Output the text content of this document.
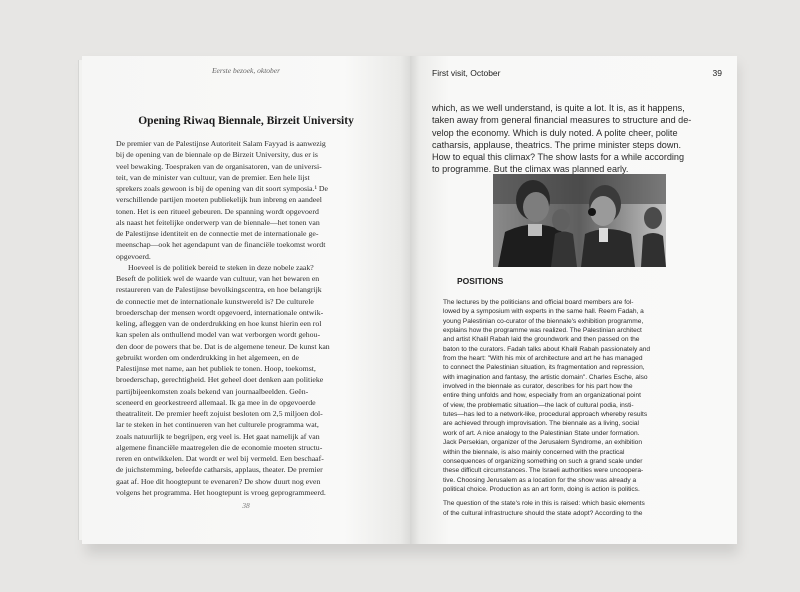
Eerste bezoek, oktober
Opening Riwaq Biennale, Birzeit University
De premier van de Palestijnse Autoriteit Salam Fayyad is aanwezig
bij de opening van de biennale op de Birzeit University, dus er is
veel bewaking. Toespraken van de organisatoren, van de universi-
teit, van de minister van cultuur, van de premier. Een hele lijst
sprekers zoals gewoon is bij de opening van dit soort symposia.¹ De
verschillende partijen moeten publiekelijk hun inbreng en aandeel
tonen. Het is een ritueel gebeuren. De spanning wordt opgevoerd
als naast het feitelijke onderwerp van de biennale—het tonen van
de Palestijnse identiteit en de connectie met de internationale ge-
meenschap—ook het agendapunt van de financiële toekomst wordt
opgevoerd.
Hoeveel is de politiek bereid te steken in deze nobele zaak?
Beseft de politiek wel de waarde van cultuur, van het bewaren en
restaureren van de Palestijnse bevolkingscentra, en hoe belangrijk
de connectie met de internationale kunstwereld is? De culturele
broederschap der mensen wordt opgevoerd, internationale ontwik-
keling, afleggen van de onderdrukking en hoe kunst hierin een rol
kan spelen als onthullend model van wat verborgen wordt gehou-
den door de powers that be. Dat is de algemene teneur. De kunst kan
gebruikt worden om onderdrukking in het algemeen, en de
Palestijnse met name, aan het publiek te tonen. Hoop, toekomst,
broederschap, gerechtigheid. Het geheel doet denken aan politieke
partijbijeenkomsten zoals bekend van journaalbeelden. Geën-
sceneerd en georkestreerd allemaal. Ik ga mee in de opgevoerde
theatraliteit. De premier heeft zojuist besloten om 2,5 miljoen dol-
lar te steken in het continueren van het culturele programma wat,
zoals natuurlijk te begrijpen, erg veel is. Het gaat namelijk af van
algemene financiële maatregelen die de economie moeten structu-
reren en ontwikkelen. Dat wordt er wel bij vermeld. Een beschaaf-
de juichstemming, beleefde catharsis, applaus, theater. De premier
gaat af. Hoe dit hoogtepunt te evenaren? De show duurt nog even
volgens het programma. Het hoogtepunt is vroeg geprogrammeerd.
38
First visit, October	39
which, as we well understand, is quite a lot. It is, as it happens,
taken away from general financial measures to structure and de-
velop the economy. Which is duly noted. A polite cheer, polite
catharsis, applause, theatrics. The prime minister steps down.
How to equal this climax? The show lasts for a while according
to programme. But the climax was planned early.
POSITIONS
The lectures by the politicians and official board members are fol-
lowed by a symposium with experts in the same hall. Reem Fadah, a
young Palestinian co-curator of the biennale's exhibition programme,
explains how the programme was realized. The Palestinian architect
and artist Khalil Rabah laid the groundwork and then passed on the
baton to the curators. Fadah talks about Khalil Rabah passionately and
from the heart: "With his mix of architecture and art he has managed
to connect the Palestinian situation, its fragmentation and repression,
with imagination and fantasy, the artistic domain". Charles Esche, also
involved in the biennale as curator, describes for his part how the
entire thing unfolds and how, especially from an organizational point
of view, the problematic situation—the lack of cultural podia, insti-
tutes—has led to a network-like, procedural approach whereby results
are achieved through improvisation. The biennale as a living, social
work of art. A nice analogy to the Palestinian State under formation.
Jack Persekian, organizer of the Jerusalem Syndrome, an exhibition
within the biennale, is also mainly concerned with the practical
consequences of organizing something on such a grand scale under
these difficult circumstances. The Israeli authorities were uncoopera-
tive. Choosing Jerusalem as a location for the show was already a
political choice. Production as an art form, doing is action is politics.
The question of the state's role in this is raised: which basic elements
of the cultural infrastructure should the state adopt? According to the
